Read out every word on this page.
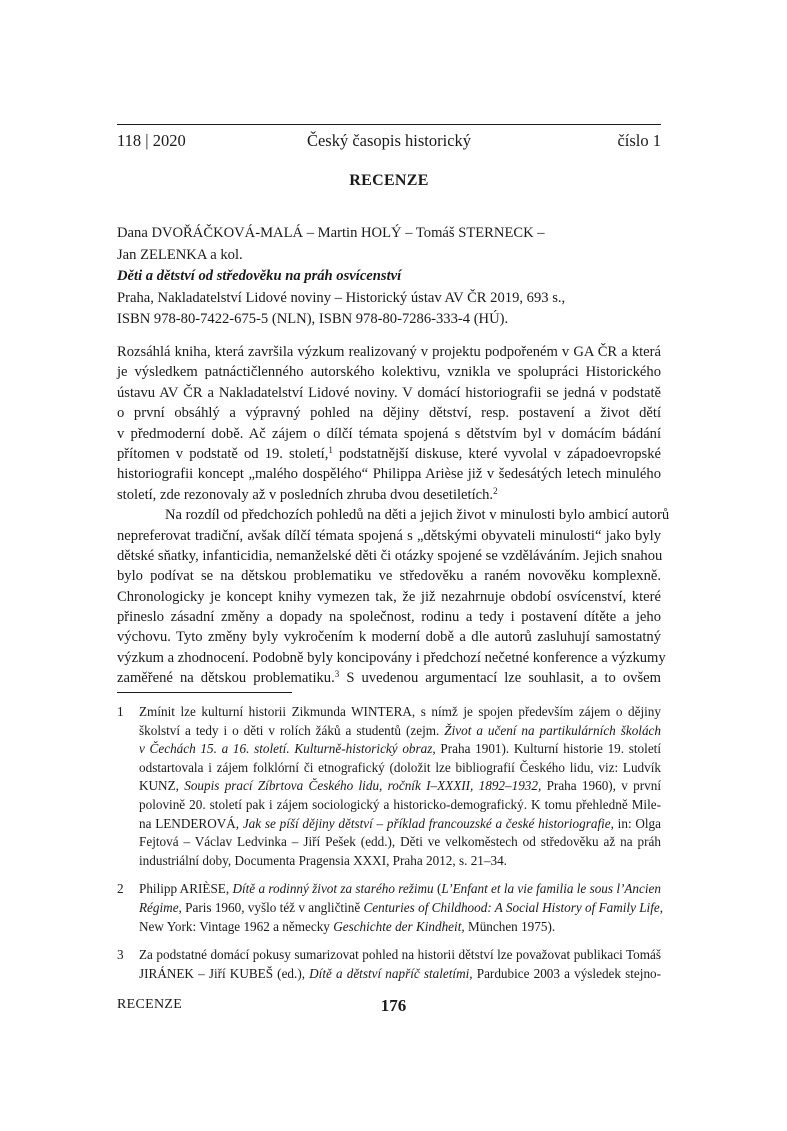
118 | 2020	Český časopis historický	číslo 1
RECENZE
Dana DVOŘÁČKOVÁ-MALÁ – Martin HOLÝ – Tomáš STERNECK –
Jan ZELENKA a kol.
Děti a dětství od středověku na práh osvícenství
Praha, Nakladatelství Lidové noviny – Historický ústav AV ČR 2019, 693 s.,
ISBN 978-80-7422-675-5 (NLN), ISBN 978-80-7286-333-4 (HÚ).
Rozsáhlá kniha, která završila výzkum realizovaný v projektu podpořeném v GA ČR a která
je výsledkem patnáctičlenného autorského kolektivu, vznikla ve spolupráci Historického
ústavu AV ČR a Nakladatelství Lidové noviny. V domácí historiografii se jedná v podstatě
o první obsáhlý a výpravný pohled na dějiny dětství, resp. postavení a život dětí
v předmoderní době. Ač zájem o dílčí témata spojená s dětstvím byl v domácím bádání
přítomen v podstatě od 19. století,$^1$ podstatnější diskuse, které vyvolal v západoevropské
historiografii koncept „malého dospělého“ Philippa Arièse již v šedesátých letech minulého
století, zde rezonovaly až v posledních zhruba dvou desetiletích.$^2$
Na rozdíl od předchozích pohledů na děti a jejich život v minulosti bylo ambicí autorů
nepreferovat tradiční, avšak dílčí témata spojená s „dětskými obyvateli minulosti“ jako byly
dětské sňatky, infanticidia, nemanželské děti či otázky spojené se vzděláváním. Jejich snahou
bylo podívat se na dětskou problematiku ve středověku a raném novověku komplexně.
Chronologicky je koncept knihy vymezen tak, že již nezahrnuje období osvícenství, které
přineslo zásadní změny a dopady na společnost, rodinu a tedy i postavení dítěte a jeho
výchovu. Tyto změny byly vykročením k moderní době a dle autorů zasluhují samostatný
výzkum a zhodnocení. Podobně byly koncipovány i předchozí nečetné konference a výzkumy
zaměřené na dětskou problematiku.$^3$ S uvedenou argumentací lze souhlasit, a to ovšem
1 Zmínit lze kulturní historii Zikmunda WINTERA, s nímž je spojen především zájem o dějiny
školství a tedy i o děti v rolích žáků a studentů (zejm. Život a učení na partikulárních školách
v Čechách 15. a 16. století. Kulturně-historický obraz, Praha 1901). Kulturní historie 19. století
odstartovala i zájem folklórní či etnografický (doložit lze bibliografií Českého lidu, viz: Ludvík
KUNZ, Soupis prací Zíbrtova Českého lidu, ročník I–XXXII, 1892–1932, Praha 1960), v první
polovině 20. století pak i zájem sociologický a historicko-demografický. K tomu přehledně Mile-
na LENDEROVÁ, Jak se píší dějiny dětství – příklad francouzské a české historiografie, in: Olga
Fejtová – Václav Ledvinka – Jiří Pešek (edd.), Děti ve velkoměstech od středověku až na práh
industriální doby, Documenta Pragensia XXXI, Praha 2012, s. 21–34.
2 Philipp ARIÈSE, Dítě a rodinný život za starého režimu (L’Enfant et la vie familia le sous l’Ancien
Régime, Paris 1960, vyšlo též v angličtině Centuries of Childhood: A Social History of Family Life,
New York: Vintage 1962 a německy Geschichte der Kindheit, München 1975).
3 Za podstatné domácí pokusy sumarizovat pohled na historii dětství lze považovat publikaci Tomáš
JIRÁNEK – Jiří KUBEŠ (ed.), Dítě a dětství napříč staletími, Pardubice 2003 a výsledek stejno-
RECENZE	176
